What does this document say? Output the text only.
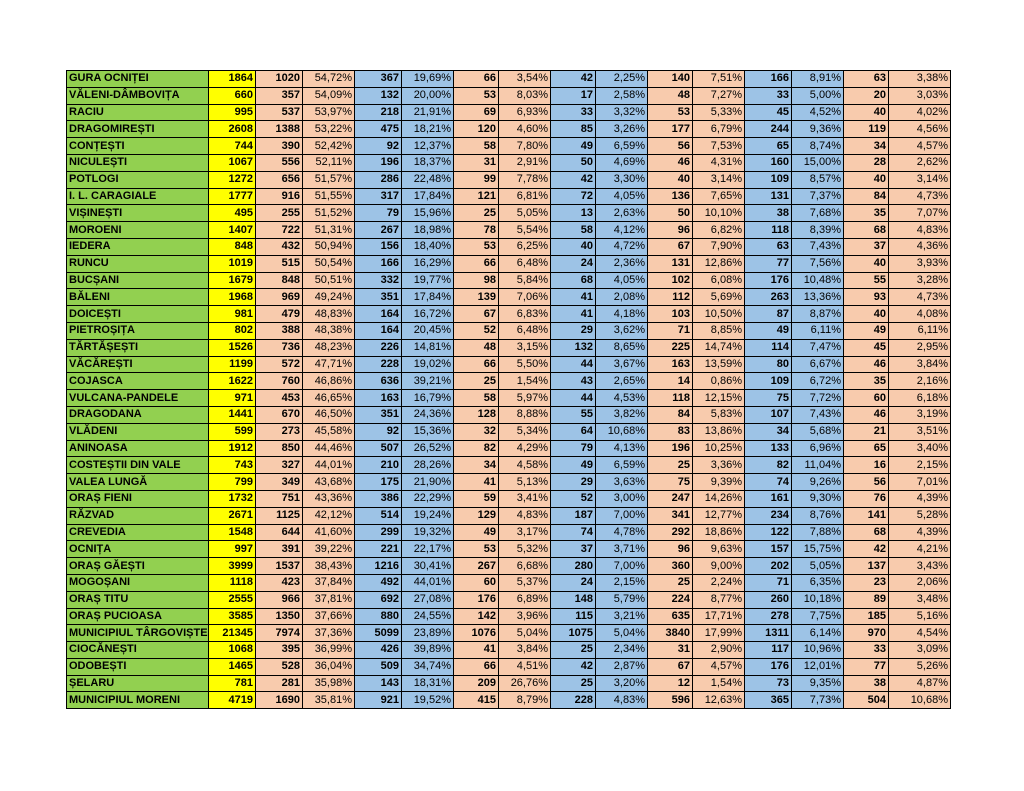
GURA OCNIȚEI	1864	1020	54,72%	367	19,69%	66	3,54%	42	2,25%	140	7,51%	166	8,91%	63	3,38%
VĂLENI-DÂMBOVIȚA	660	357	54,09%	132	20,00%	53	8,03%	17	2,58%	48	7,27%	33	5,00%	20	3,03%
RACIU	995	537	53,97%	218	21,91%	69	6,93%	33	3,32%	53	5,33%	45	4,52%	40	4,02%
DRAGOMIREȘTI	2608	1388	53,22%	475	18,21%	120	4,60%	85	3,26%	177	6,79%	244	9,36%	119	4,56%
CONȚEȘTI	744	390	52,42%	92	12,37%	58	7,80%	49	6,59%	56	7,53%	65	8,74%	34	4,57%
NICULEȘTI	1067	556	52,11%	196	18,37%	31	2,91%	50	4,69%	46	4,31%	160	15,00%	28	2,62%
POTLOGI	1272	656	51,57%	286	22,48%	99	7,78%	42	3,30%	40	3,14%	109	8,57%	40	3,14%
I. L. CARAGIALE	1777	916	51,55%	317	17,84%	121	6,81%	72	4,05%	136	7,65%	131	7,37%	84	4,73%
VIȘINEȘTI	495	255	51,52%	79	15,96%	25	5,05%	13	2,63%	50	10,10%	38	7,68%	35	7,07%
MOROENI	1407	722	51,31%	267	18,98%	78	5,54%	58	4,12%	96	6,82%	118	8,39%	68	4,83%
IEDERA	848	432	50,94%	156	18,40%	53	6,25%	40	4,72%	67	7,90%	63	7,43%	37	4,36%
RUNCU	1019	515	50,54%	166	16,29%	66	6,48%	24	2,36%	131	12,86%	77	7,56%	40	3,93%
BUCȘANI	1679	848	50,51%	332	19,77%	98	5,84%	68	4,05%	102	6,08%	176	10,48%	55	3,28%
BĂLENI	1968	969	49,24%	351	17,84%	139	7,06%	41	2,08%	112	5,69%	263	13,36%	93	4,73%
DOICEȘTI	981	479	48,83%	164	16,72%	67	6,83%	41	4,18%	103	10,50%	87	8,87%	40	4,08%
PIETROȘIȚA	802	388	48,38%	164	20,45%	52	6,48%	29	3,62%	71	8,85%	49	6,11%	49	6,11%
TĂRTĂȘEȘTI	1526	736	48,23%	226	14,81%	48	3,15%	132	8,65%	225	14,74%	114	7,47%	45	2,95%
VĂCĂREȘTI	1199	572	47,71%	228	19,02%	66	5,50%	44	3,67%	163	13,59%	80	6,67%	46	3,84%
COJASCA	1622	760	46,86%	636	39,21%	25	1,54%	43	2,65%	14	0,86%	109	6,72%	35	2,16%
VULCANA-PANDELE	971	453	46,65%	163	16,79%	58	5,97%	44	4,53%	118	12,15%	75	7,72%	60	6,18%
DRAGODANA	1441	670	46,50%	351	24,36%	128	8,88%	55	3,82%	84	5,83%	107	7,43%	46	3,19%
VLĂDENI	599	273	45,58%	92	15,36%	32	5,34%	64	10,68%	83	13,86%	34	5,68%	21	3,51%
ANINOASA	1912	850	44,46%	507	26,52%	82	4,29%	79	4,13%	196	10,25%	133	6,96%	65	3,40%
COSTEȘTII DIN VALE	743	327	44,01%	210	28,26%	34	4,58%	49	6,59%	25	3,36%	82	11,04%	16	2,15%
VALEA LUNGĂ	799	349	43,68%	175	21,90%	41	5,13%	29	3,63%	75	9,39%	74	9,26%	56	7,01%
ORAȘ FIENI	1732	751	43,36%	386	22,29%	59	3,41%	52	3,00%	247	14,26%	161	9,30%	76	4,39%
RĂZVAD	2671	1125	42,12%	514	19,24%	129	4,83%	187	7,00%	341	12,77%	234	8,76%	141	5,28%
CREVEDIA	1548	644	41,60%	299	19,32%	49	3,17%	74	4,78%	292	18,86%	122	7,88%	68	4,39%
OCNIȚA	997	391	39,22%	221	22,17%	53	5,32%	37	3,71%	96	9,63%	157	15,75%	42	4,21%
ORAȘ GĂEȘTI	3999	1537	38,43%	1216	30,41%	267	6,68%	280	7,00%	360	9,00%	202	5,05%	137	3,43%
MOGOȘANI	1118	423	37,84%	492	44,01%	60	5,37%	24	2,15%	25	2,24%	71	6,35%	23	2,06%
ORAȘ TITU	2555	966	37,81%	692	27,08%	176	6,89%	148	5,79%	224	8,77%	260	10,18%	89	3,48%
ORAȘ PUCIOASA	3585	1350	37,66%	880	24,55%	142	3,96%	115	3,21%	635	17,71%	278	7,75%	185	5,16%
MUNICIPIUL TÂRGOVIȘTE	21345	7974	37,36%	5099	23,89%	1076	5,04%	1075	5,04%	3840	17,99%	1311	6,14%	970	4,54%
CIOCĂNEȘTI	1068	395	36,99%	426	39,89%	41	3,84%	25	2,34%	31	2,90%	117	10,96%	33	3,09%
ODOBEȘTI	1465	528	36,04%	509	34,74%	66	4,51%	42	2,87%	67	4,57%	176	12,01%	77	5,26%
ȘELARU	781	281	35,98%	143	18,31%	209	26,76%	25	3,20%	12	1,54%	73	9,35%	38	4,87%
MUNICIPIUL MORENI	4719	1690	35,81%	921	19,52%	415	8,79%	228	4,83%	596	12,63%	365	7,73%	504	10,68%
